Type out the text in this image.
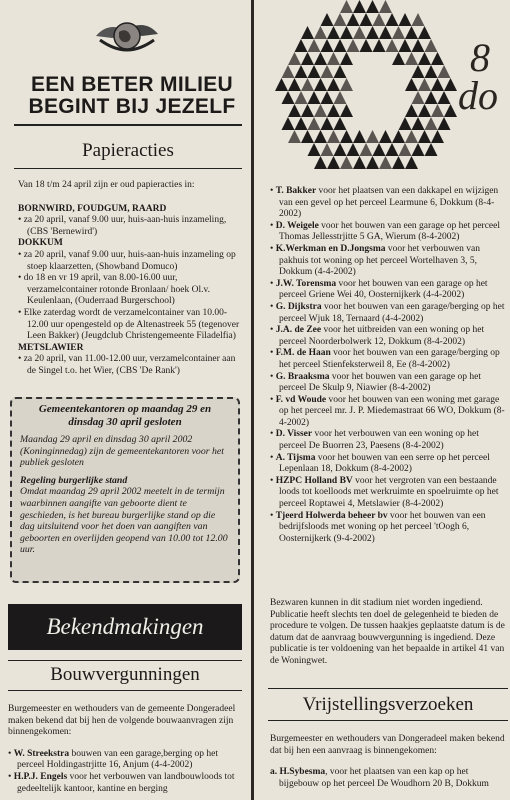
EEN BETER MILIEU
BEGINT BIJ JEZELF
Papieracties

Van 18 t/m 24 april zijn er oud papieracties in:

BORNWIRD, FOUDGUM, RAARD

• za 20 april, vanaf 9.00 uur, huis-aan-huis inzameling, (CBS 'Bernewird')

DOKKUM

• za 20 april, vanaf 9.00 uur, huis-aan-huis inzameling op stoep klaarzetten, (Showband Domuco)

• do 18 en vr 19 april, van 8.00-16.00 uur, verzamelcontainer rotonde Bronlaan/ hoek Ol.v. Keulenlaan, (Ouderraad Burgerschool)

• Elke zaterdag wordt de verzamelcontainer van 10.00-12.00 uur opengesteld op de Altenastreek 55 (tegenover Leen Bakker) (Jeugdclub Christengemeente Filadelfia)

METSLAWIER

• za 20 april, van 11.00-12.00 uur, verzamelcontainer aan de Singel t.o. het Wier, (CBS 'De Rank')

Gemeentekantoren op maandag 29 en dinsdag 30 april gesloten
Maandag 29 april en dinsdag 30 april 2002 (Koninginnedag) zijn de gemeentekantoren voor het publiek gesloten
Regeling burgerlijke stand
Omdat maandag 29 april 2002 meetelt in de termijn waarbinnen aangifte van geboorte dient te geschieden, is het bureau burgerlijke stand op die dag uitsluitend voor het doen van aangiften van geboorten en overlijden geopend van 10.00 tot 12.00 uur.
Bekendmakingen
Bouwvergunningen

Burgemeester en wethouders van de gemeente Dongeradeel maken bekend dat bij hen de volgende bouwaanvragen zijn binnengekomen:

• W. Streekstra bouwen van een garage,berging op het perceel Holdingastrjitte 16, Anjum (4-4-2002)

• H.P.J. Engels voor het verbouwen van landbouwloods tot gedeeltelijk kantoor, kantine en berging

8
do

• T. Bakker voor het plaatsen van een dakkapel en wijzigen van een gevel op het perceel Learmune 6, Dokkum (8-4-2002)

• D. Weigele voor het bouwen van een garage op het perceel Thomas Jellesstrjitte 5 GA, Wierum (8-4-2002)

• K.Werkman en D.Jongsma voor het verbouwen van pakhuis tot woning op het perceel Wortelhaven 3, 5, Dokkum (4-4-2002)

• J.W. Torensma voor het bouwen van een garage op het perceel Griene Wei 40, Oosternijkerk (4-4-2002)

• G. Dijkstra voor het bouwen van een garage/berging op het perceel Wjuk 18, Ternaard (4-4-2002)

• J.A. de Zee voor het uitbreiden van een woning op het perceel Noorderbolwerk 12, Dokkum (8-4-2002)

• F.M. de Haan voor het bouwen van een garage/berging op het perceel Stienfeksterweil 8, Ee (8-4-2002)

• G. Braaksma voor het bouwen van een garage op het perceel De Skulp 9, Niawier (8-4-2002)

• F. vd Woude voor het bouwen van een woning met garage op het perceel mr. J. P. Miedemastraat 66 WO, Dokkum (8-4-2002)

• D. Visser voor het verbouwen van een woning op het perceel De Buorren 23, Paesens (8-4-2002)

• A. Tijsma voor het bouwen van een serre op het perceel Lepenlaan 18, Dokkum (8-4-2002)

• HZPC Holland BV voor het vergroten van een bestaande loods tot koelloods met werkruimte en spoelruimte op het perceel Roptawei 4, Metslawier (8-4-2002)

• Tjeerd Holwerda beheer bv voor het bouwen van een bedrijfsloods met woning op het perceel 'tOogh 6, Oosternijkerk (9-4-2002)

Bezwaren kunnen in dit stadium niet worden ingediend. Publicatie heeft slechts ten doel de gelegenheid te bieden de procedure te volgen. De tussen haakjes geplaatste datum is de datum dat de aanvraag bouwvergunning is ingediend. Deze publicatie is ter voldoening van het bepaalde in artikel 41 van de Woningwet.
Vrijstellingsverzoeken

Burgemeester en wethouders van Dongeradeel maken bekend dat bij hen een aanvraag is binnengekomen:

a. H.Sybesma, voor het plaatsen van een kap op het bijgebouw op het perceel De Woudhorn 20 B, Dokkum
